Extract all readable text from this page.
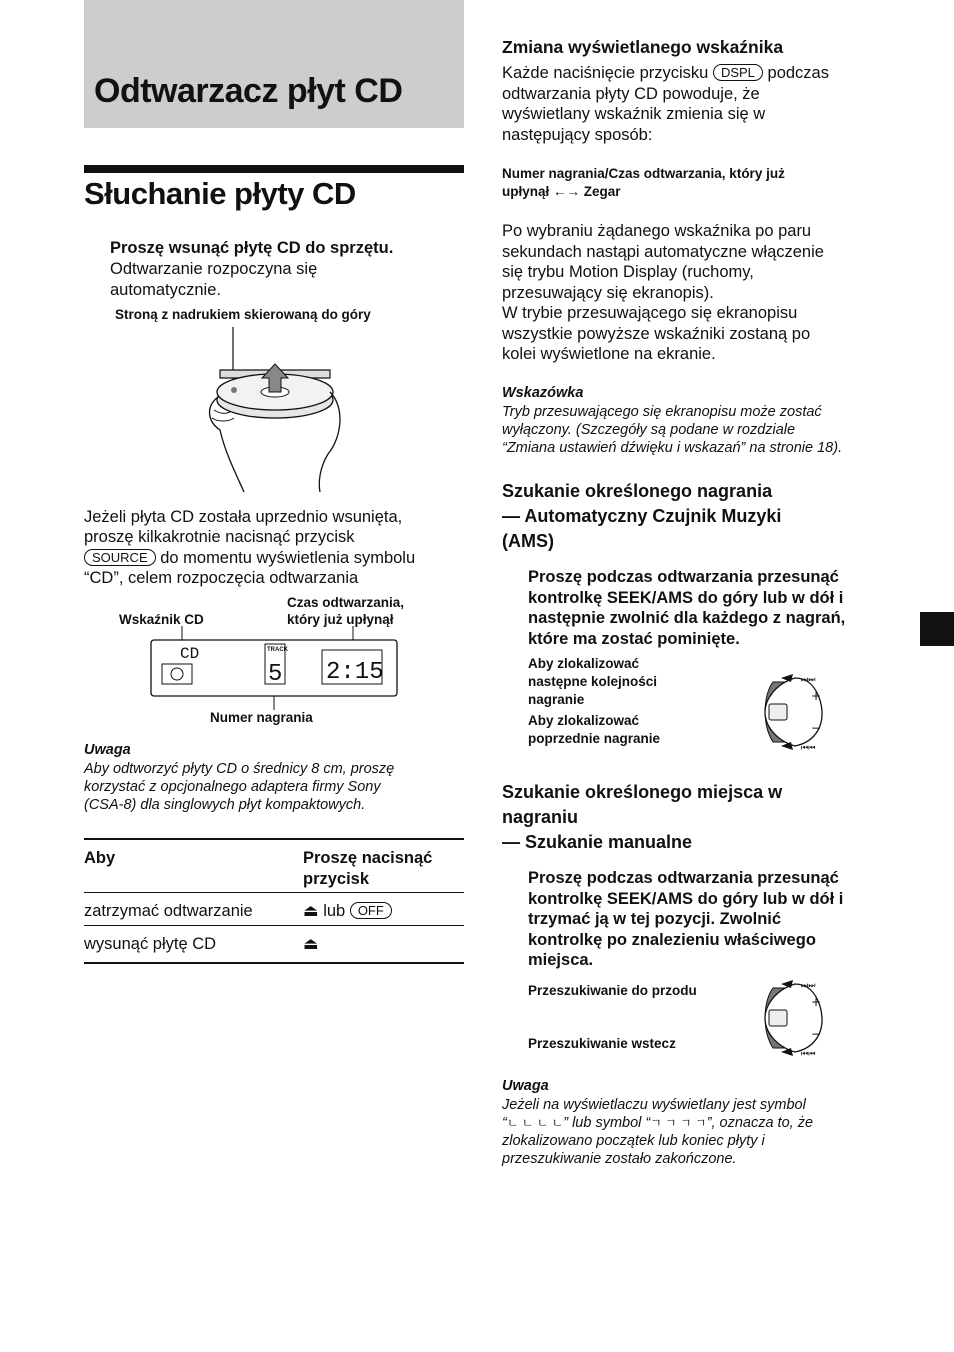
Odtwarzacz płyt CD
Słuchanie płyty CD
Proszę wsunąć płytę CD do sprzętu.
Odtwarzanie rozpoczyna się
automatycznie.
Stroną z nadrukiem skierowaną do góry
Jeżeli płyta CD została uprzednio wsunięta,
proszę kilkakrotnie nacisnąć przycisk
SOURCE do momentu wyświetlenia symbolu
“CD”, celem rozpoczęcia odtwarzania
Wskaźnik CD
Czas odtwarzania,
który już upłynął
Numer nagrania
CD	TRACK
5 2:15
Uwaga
Aby odtworzyć płyty CD o średnicy 8 cm, proszę
korzystać z opcjonalnego adaptera firmy Sony
(CSA-8) dla singlowych płyt kompaktowych.
Aby	Proszę nacisnąć
przycisk
zatrzymać odtwarzanie	⏏ lub OFF
wysunąć płytę CD	⏏
Zmiana wyświetlanego wskaźnika
Każde naciśnięcie przycisku DSPL podczas
odtwarzania płyty CD powoduje, że
wyświetlany wskaźnik zmienia się w
następujący sposób:
Numer nagrania/Czas odtwarzania, który już
upłynął ←→ Zegar
Po wybraniu żądanego wskaźnika po paru
sekundach nastąpi automatyczne włączenie
się trybu Motion Display (ruchomy,
przesuwający się ekranopis).
W trybie przesuwającego się ekranopisu
wszystkie powyższe wskaźniki zostaną po
kolei wyświetlone na ekranie.
Wskazówka
Tryb przesuwającego się ekranopisu może zostać
wyłączony. (Szczegóły są podane w rozdziale
“Zmiana ustawień dźwięku i wskazań” na stronie 18).
Szukanie określonego nagrania
— Automatyczny Czujnik Muzyki
(AMS)
Proszę podczas odtwarzania przesunąć
kontrolkę SEEK/AMS do góry lub w dół i
następnie zwolnić dla każdego z nagrań,
które ma zostać pominięte.
Aby zlokalizować
następne kolejności
nagranie
Aby zlokalizować
poprzednie nagranie
+
−
⏭⏭
⏮⏮
Szukanie określonego miejsca w
nagraniu
— Szukanie manualne
Proszę podczas odtwarzania przesunąć
kontrolkę SEEK/AMS do góry lub w dół i
trzymać ją w tej pozycji. Zwolnić
kontrolkę po znalezieniu właściwego
miejsca.
Przeszukiwanie do przodu
Przeszukiwanie wstecz
+
−
⏭⏭
⏮⏮
Uwaga
Jeżeli na wyświetlaczu wyświetlany jest symbol
“ㄴ ㄴ ㄴ ㄴ” lub symbol “ㄱ ㄱ ㄱ ㄱ”, oznacza to, że
zlokalizowano początek lub koniec płyty i
przeszukiwanie zostało zakończone.
